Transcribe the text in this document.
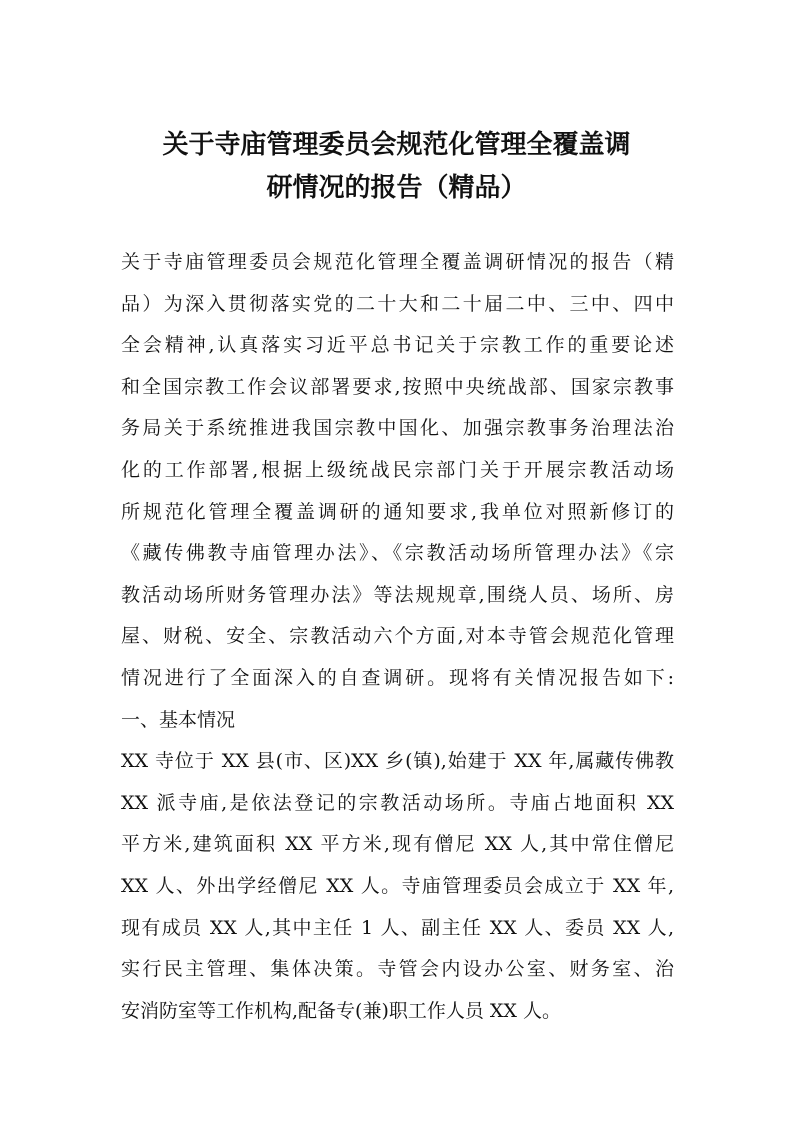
关于寺庙管理委员会规范化管理全覆盖调
研情况的报告（精品）
关于寺庙管理委员会规范化管理全覆盖调研情况的报告（精
品）为深入贯彻落实党的二十大和二十届二中、三中、四中
全会精神,认真落实习近平总书记关于宗教工作的重要论述
和全国宗教工作会议部署要求,按照中央统战部、国家宗教事
务局关于系统推进我国宗教中国化、加强宗教事务治理法治
化的工作部署,根据上级统战民宗部门关于开展宗教活动场
所规范化管理全覆盖调研的通知要求,我单位对照新修订的
《藏传佛教寺庙管理办法》、《宗教活动场所管理办法》《宗
教活动场所财务管理办法》等法规规章,围绕人员、场所、房
屋、财税、安全、宗教活动六个方面,对本寺管会规范化管理
情况进行了全面深入的自查调研。现将有关情况报告如下:
一、基本情况
XX 寺位于 XX 县(市、区)XX 乡(镇),始建于 XX 年,属藏传佛教
XX 派寺庙,是依法登记的宗教活动场所。寺庙占地面积 XX
平方米,建筑面积 XX 平方米,现有僧尼 XX 人,其中常住僧尼
XX 人、外出学经僧尼 XX 人。寺庙管理委员会成立于 XX 年,
现有成员 XX 人,其中主任 1 人、副主任 XX 人、委员 XX 人,
实行民主管理、集体决策。寺管会内设办公室、财务室、治
安消防室等工作机构,配备专(兼)职工作人员 XX 人。
